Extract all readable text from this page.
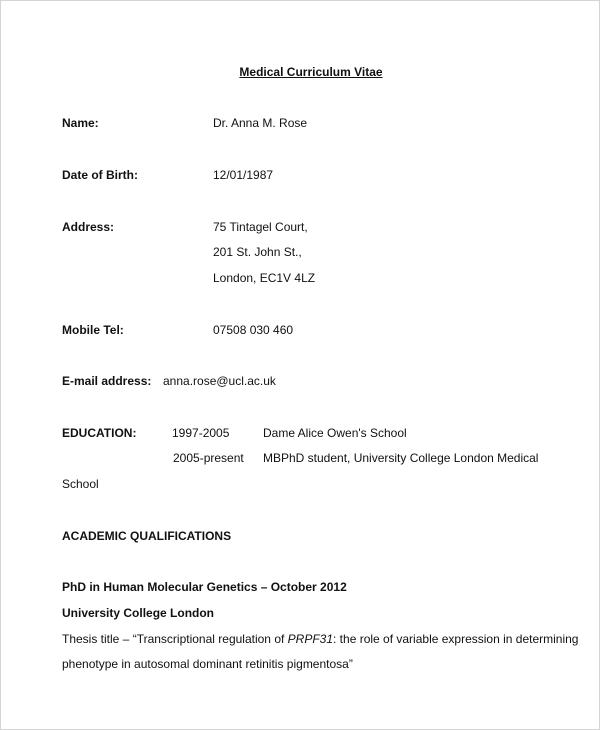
Medical Curriculum Vitae
Name:	Dr. Anna M. Rose
Date of Birth:	12/01/1987
Address:	75 Tintagel Court,
201 St. John St.,
London, EC1V 4LZ
Mobile Tel:	07508 030 460
E-mail address: anna.rose@ucl.ac.uk
EDUCATION:	1997-2005	Dame Alice Owen's School
2005-present MBPhD student, University College London Medical
School
ACADEMIC QUALIFICATIONS
PhD in Human Molecular Genetics – October 2012
University College London
Thesis title – “Transcriptional regulation of PRPF31: the role of variable expression in determining
phenotype in autosomal dominant retinitis pigmentosa”
